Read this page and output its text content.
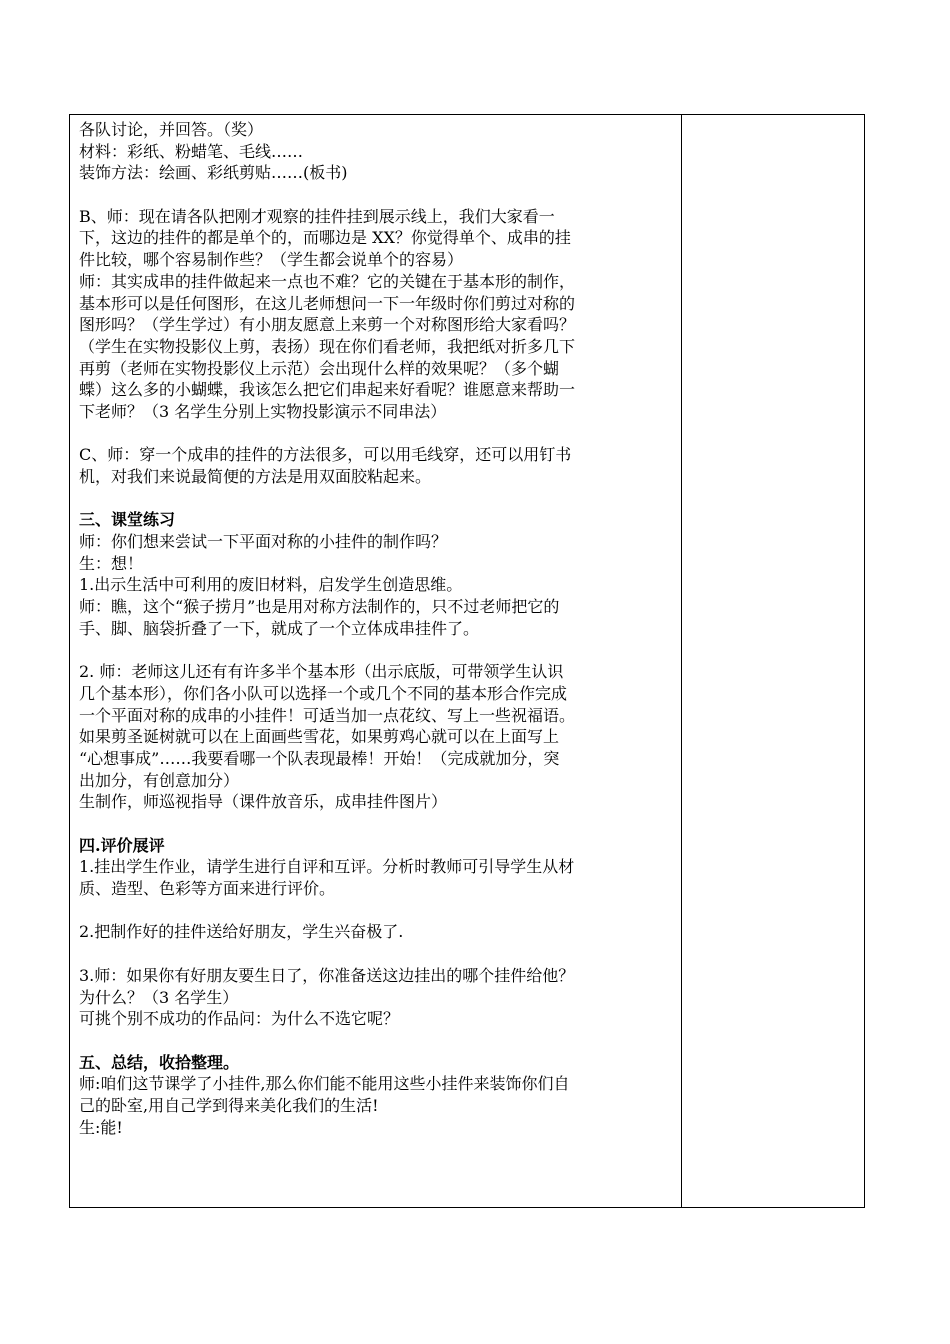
各队讨论，并回答。（奖）
材料：彩纸、粉蜡笔、毛线……
装饰方法：绘画、彩纸剪贴……(板书)
B、师：现在请各队把刚才观察的挂件挂到展示线上，我们大家看一
下，这边的挂件的都是单个的，而哪边是 XX？你觉得单个、成串的挂
件比较，哪个容易制作些？（学生都会说单个的容易）
师：其实成串的挂件做起来一点也不难？它的关键在于基本形的制作，
基本形可以是任何图形，在这儿老师想问一下一年级时你们剪过对称的
图形吗？（学生学过）有小朋友愿意上来剪一个对称图形给大家看吗？
（学生在实物投影仪上剪，表扬）现在你们看老师，我把纸对折多几下
再剪（老师在实物投影仪上示范）会出现什么样的效果呢？（多个蝴
蝶）这么多的小蝴蝶，我该怎么把它们串起来好看呢？谁愿意来帮助一
下老师？（3 名学生分别上实物投影演示不同串法）
C、师：穿一个成串的挂件的方法很多，可以用毛线穿，还可以用钉书
机，对我们来说最简便的方法是用双面胶粘起来。
三、课堂练习
师：你们想来尝试一下平面对称的小挂件的制作吗？
生：想！
1.出示生活中可利用的废旧材料，启发学生创造思维。
师：瞧，这个“猴子捞月”也是用对称方法制作的，只不过老师把它的
手、脚、脑袋折叠了一下，就成了一个立体成串挂件了。
2. 师：老师这儿还有有许多半个基本形（出示底版，可带领学生认识
几个基本形），你们各小队可以选择一个或几个不同的基本形合作完成
一个平面对称的成串的小挂件！可适当加一点花纹、写上一些祝福语。
如果剪圣诞树就可以在上面画些雪花，如果剪鸡心就可以在上面写上
“心想事成”……我要看哪一个队表现最棒！开始！（完成就加分，突
出加分，有创意加分）
生制作，师巡视指导（课件放音乐，成串挂件图片）
四.评价展评
1.挂出学生作业，请学生进行自评和互评。分析时教师可引导学生从材
质、造型、色彩等方面来进行评价。
2.把制作好的挂件送给好朋友，学生兴奋极了.
3.师：如果你有好朋友要生日了，你准备送这边挂出的哪个挂件给他？
为什么？（3 名学生）
可挑个别不成功的作品问：为什么不选它呢？
五、总结，收拾整理。
师:咱们这节课学了小挂件,那么你们能不能用这些小挂件来装饰你们自
己的卧室,用自己学到得来美化我们的生活!
生:能!
